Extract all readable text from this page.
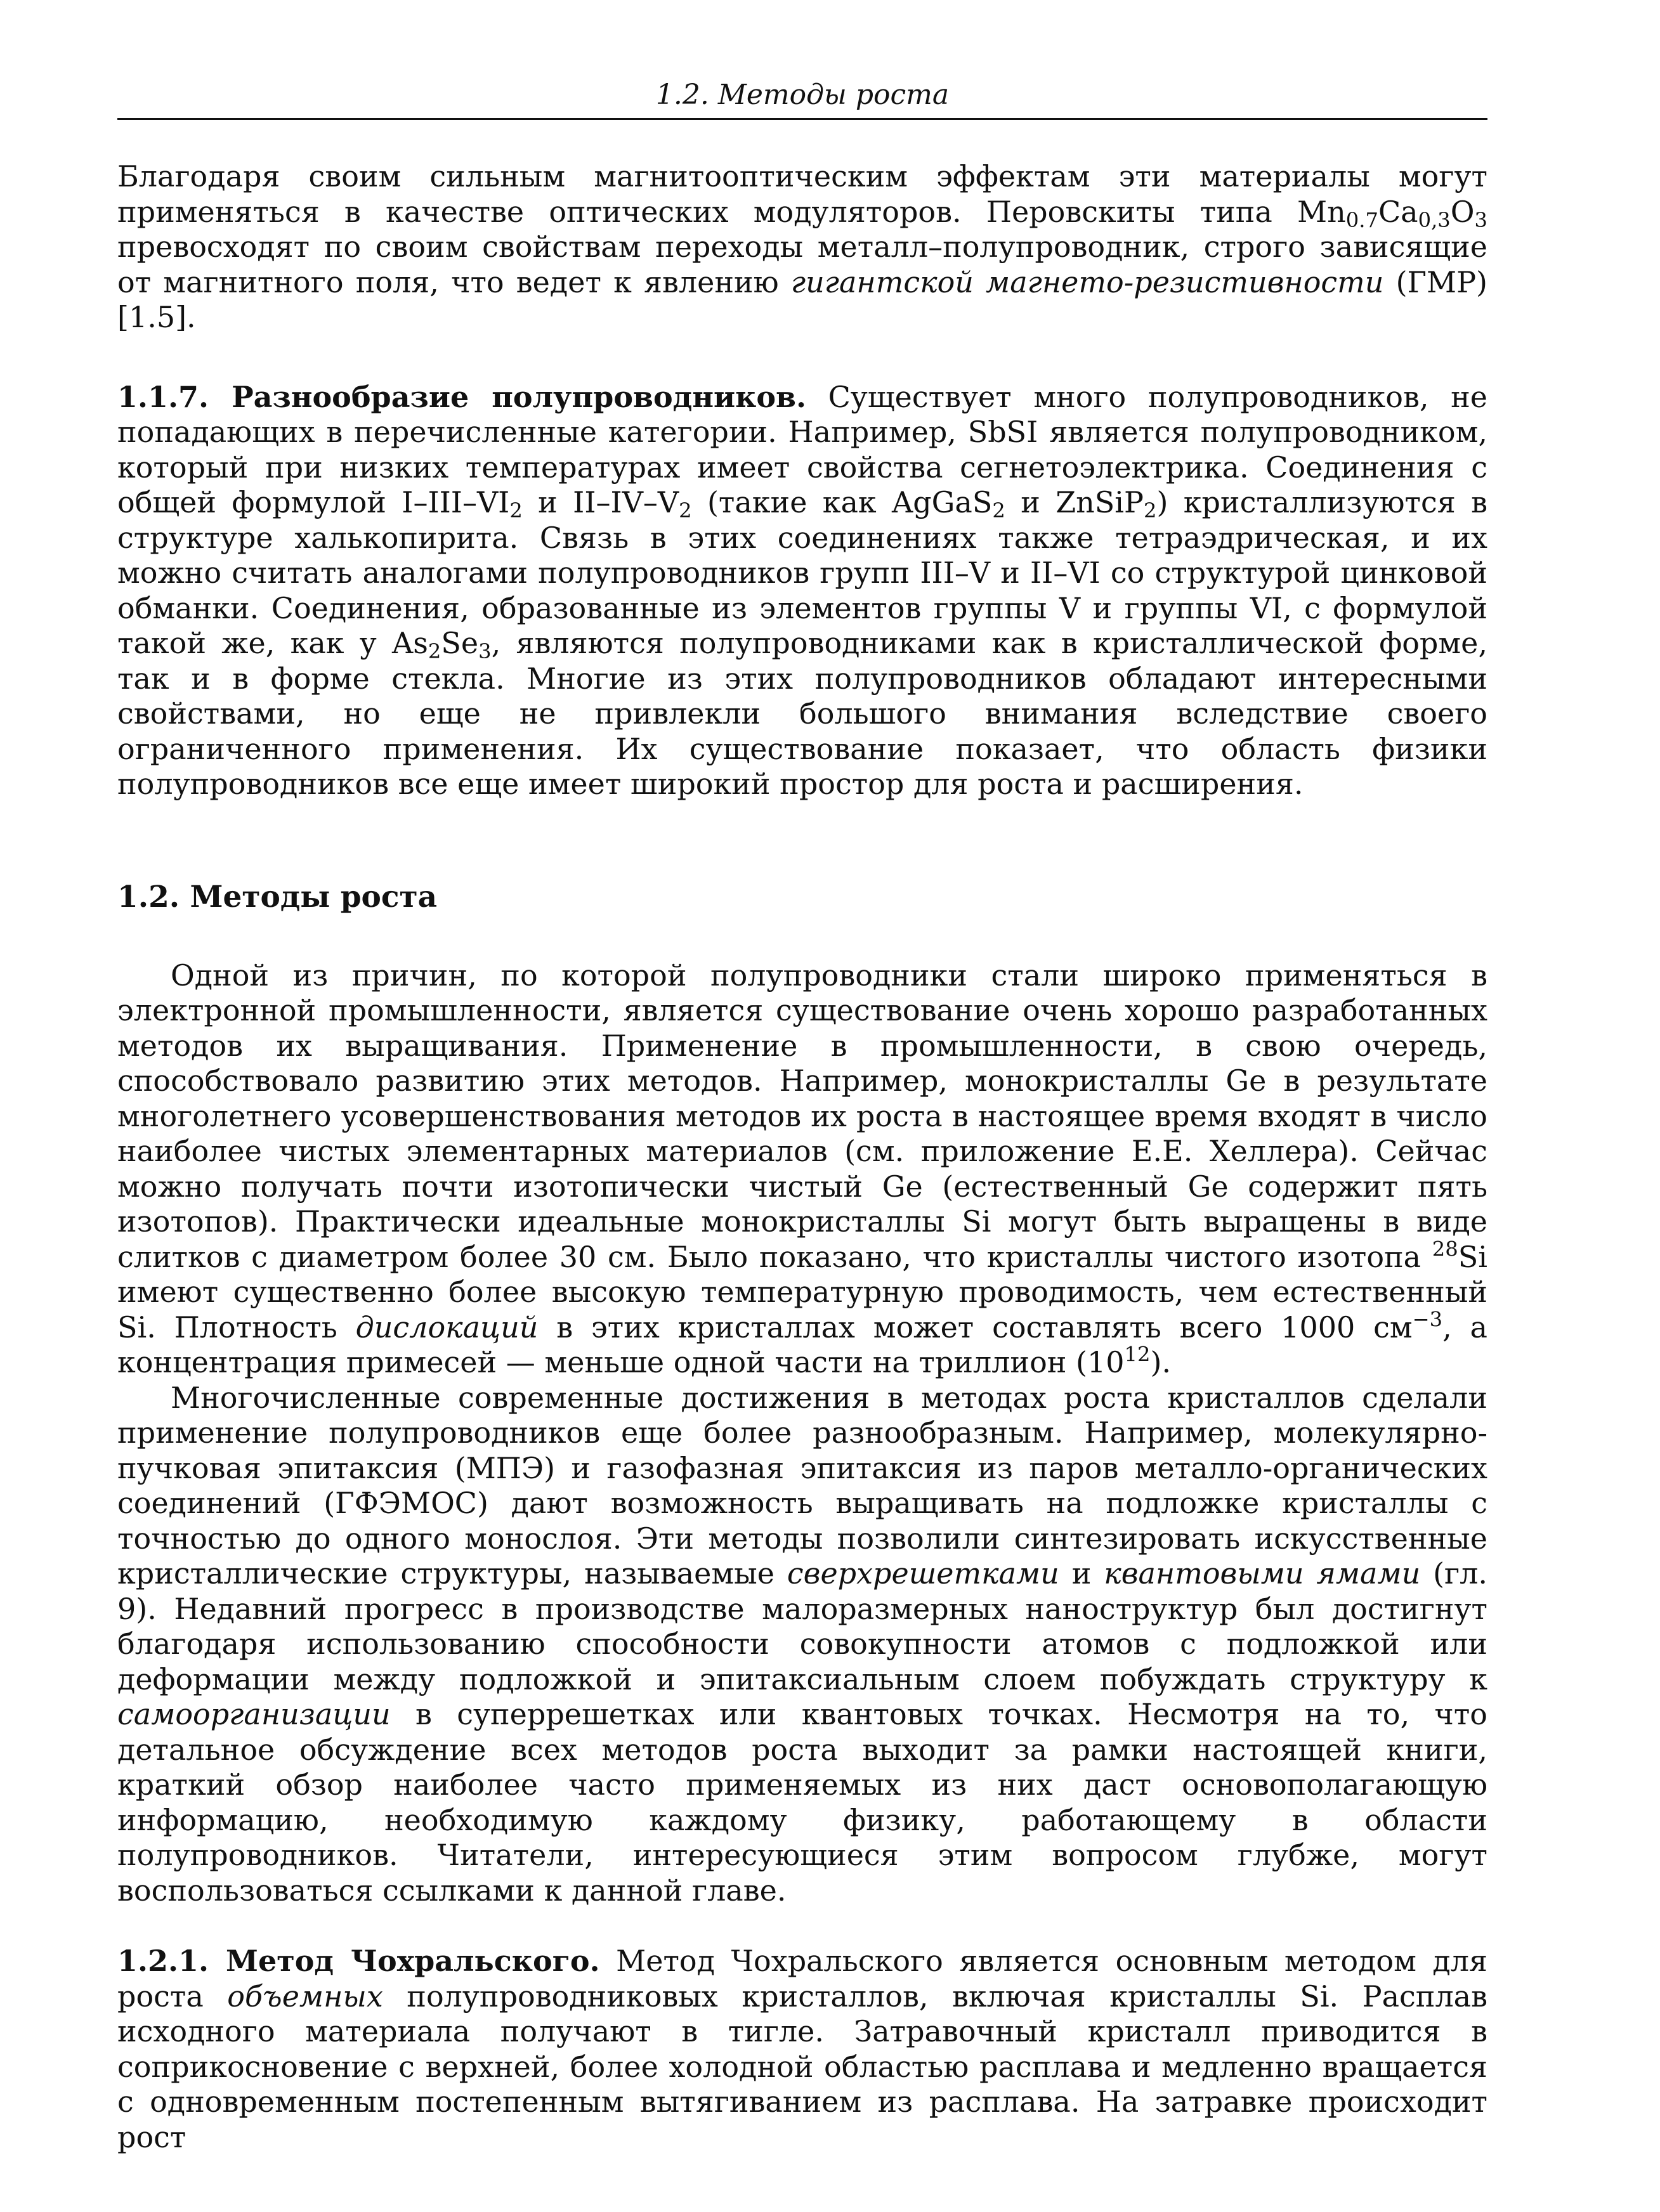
1.2. Методы роста

Благодаря своим сильным магнитооптическим эффектам эти материалы могут применяться в качестве оптических модуляторов. Перовскиты типа $Mn_{0.7}Ca_{0,3}O_3$ превосходят по своим свойствам переходы металл–полупроводник, строго зависящие от магнитного поля, что ведет к явлению гигантской магнето-резистивности (ГМР) [1.5].

1.1.7. Разнообразие полупроводников. Существует много полупроводников, не попадающих в перечисленные категории. Например, SbSI является полупроводником, который при низких температурах имеет свойства сегнетоэлектрика. Соединения с общей формулой $I-III-VI_2$ и $II-IV-V_2$ (такие как AgGaS$_2$ и ZnSiP$_2$) кристаллизуются в структуре халькопирита. Связь в этих соединениях также тетраэдрическая, и их можно считать аналогами полупроводников групп III–V и II–VI со структурой цинковой обманки. Соединения, образованные из элементов группы V и группы VI, с формулой такой же, как у $As_2Se_3$, являются полупроводниками как в кристаллической форме, так и в форме стекла. Многие из этих полупроводников обладают интересными свойствами, но еще не привлекли большого внимания вследствие своего ограниченного применения. Их существование показает, что область физики полупроводников все еще имеет широкий простор для роста и расширения.

1.2. Методы роста

Одной из причин, по которой полупроводники стали широко применяться в электронной промышленности, является существование очень хорошо разработанных методов их выращивания. Применение в промышленности, в свою очередь, способствовало развитию этих методов. Например, монокристаллы Ge в результате многолетнего усовершенствования методов их роста в настоящее время входят в число наиболее чистых элементарных материалов (см. приложение Е.Е. Хеллера). Сейчас можно получать почти изотопически чистый Ge (естественный Ge содержит пять изотопов). Практически идеальные монокристаллы Si могут быть выращены в виде слитков с диаметром более 30 см. Было показано, что кристаллы чистого изотопа $^{28}$Si имеют существенно более высокую температурную проводимость, чем естественный Si. Плотность дислокаций в этих кристаллах может составлять всего 1000 $см^{-3}$, а концентрация примесей — меньше одной части на триллион $(10^{12})$.

Многочисленные современные достижения в методах роста кристаллов сделали применение полупроводников еще более разнообразным. Например, молекулярно-пучковая эпитаксия (МПЭ) и газофазная эпитаксия из паров металло-органических соединений (ГФЭМОС) дают возможность выращивать на подложке кристаллы с точностью до одного монослоя. Эти методы позволили синтезировать искусственные кристаллические структуры, называемые сверхрешетками и квантовыми ямами (гл. 9). Недавний прогресс в производстве малоразмерных наноструктур был достигнут благодаря использованию способности совокупности атомов с подложкой или деформации между подложкой и эпитаксиальным слоем побуждать структуру к самоорганизации в суперрешетках или квантовых точках. Несмотря на то, что детальное обсуждение всех методов роста выходит за рамки настоящей книги, краткий обзор наиболее часто применяемых из них даст основополагающую информацию, необходимую каждому физику, работающему в области полупроводников. Читатели, интересующиеся этим вопросом глубже, могут воспользоваться ссылками к данной главе.

1.2.1. Метод Чохральского. Метод Чохральского является основным методом для роста объемных полупроводниковых кристаллов, включая кристаллы Si. Расплав исходного материала получают в тигле. Затравочный кристалл приводится в соприкосновение с верхней, более холодной областью расплава и медленно вращается с одновременным постепенным вытягиванием из расплава. На затравке происходит рост
